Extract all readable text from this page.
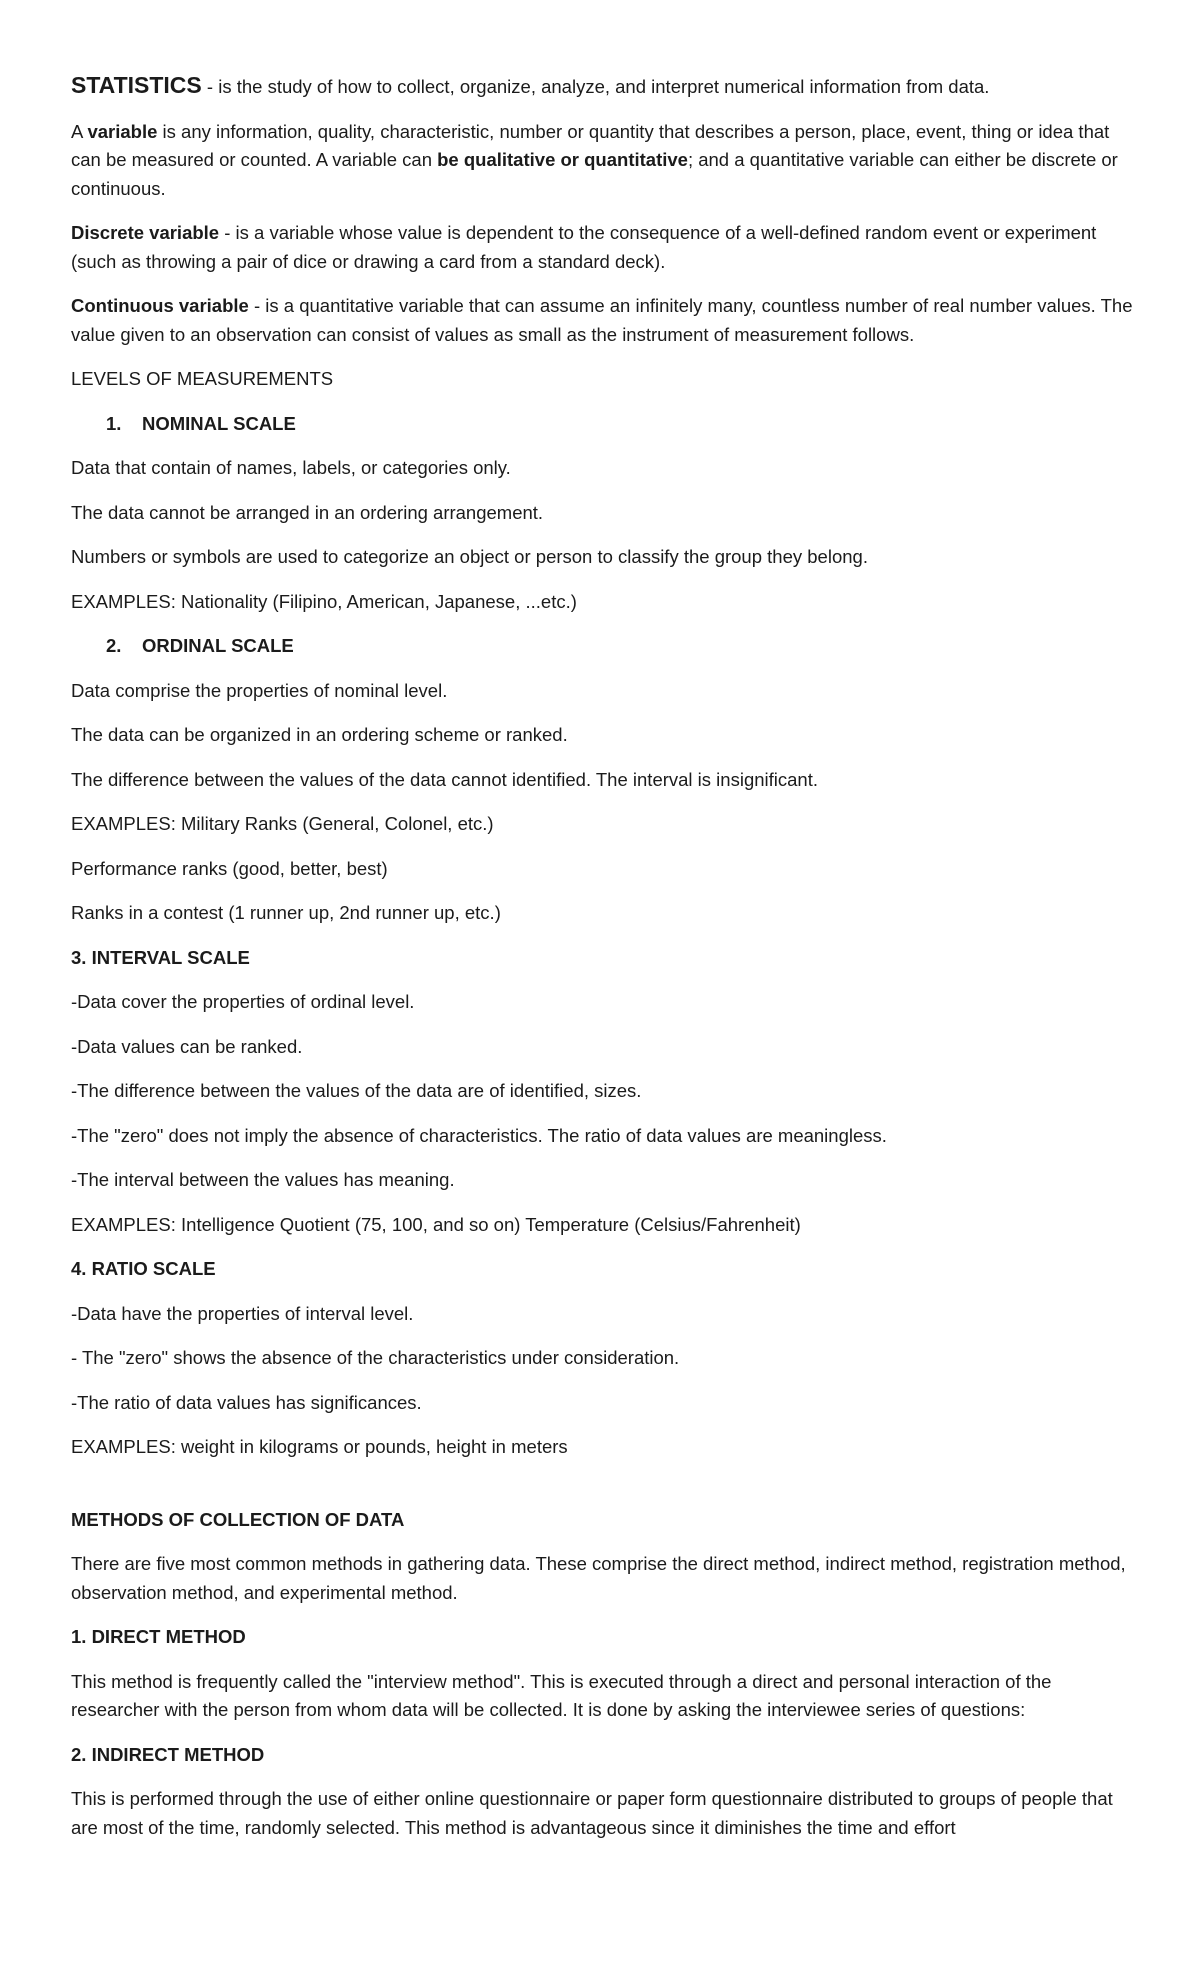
STATISTICS - is the study of how to collect, organize, analyze, and interpret numerical information from data.

A variable is any information, quality, characteristic, number or quantity that describes a person, place, event, thing or idea that can be measured or counted. A variable can be qualitative or quantitative; and a quantitative variable can either be discrete or continuous.

Discrete variable - is a variable whose value is dependent to the consequence of a well-defined random event or experiment (such as throwing a pair of dice or drawing a card from a standard deck).

Continuous variable - is a quantitative variable that can assume an infinitely many, countless number of real number values. The value given to an observation can consist of values as small as the instrument of measurement follows.

LEVELS OF MEASUREMENTS

1. NOMINAL SCALE

Data that contain of names, labels, or categories only.

The data cannot be arranged in an ordering arrangement.

Numbers or symbols are used to categorize an object or person to classify the group they belong.

EXAMPLES: Nationality (Filipino, American, Japanese, ...etc.)

2. ORDINAL SCALE

Data comprise the properties of nominal level.

The data can be organized in an ordering scheme or ranked.

The difference between the values of the data cannot identified. The interval is insignificant.

EXAMPLES: Military Ranks (General, Colonel, etc.)

Performance ranks (good, better, best)

Ranks in a contest (1 runner up, 2nd runner up, etc.)

3. INTERVAL SCALE

-Data cover the properties of ordinal level.

-Data values can be ranked.

-The difference between the values of the data are of identified, sizes.

-The "zero" does not imply the absence of characteristics. The ratio of data values are meaningless.

-The interval between the values has meaning.

EXAMPLES: Intelligence Quotient (75, 100, and so on) Temperature (Celsius/Fahrenheit)

4. RATIO SCALE

-Data have the properties of interval level.

- The "zero" shows the absence of the characteristics under consideration.

-The ratio of data values has significances.

EXAMPLES: weight in kilograms or pounds, height in meters

METHODS OF COLLECTION OF DATA

There are five most common methods in gathering data. These comprise the direct method, indirect method, registration method, observation method, and experimental method.

1. DIRECT METHOD

This method is frequently called the "interview method". This is executed through a direct and personal interaction of the researcher with the person from whom data will be collected. It is done by asking the interviewee series of questions:

2. INDIRECT METHOD

This is performed through the use of either online questionnaire or paper form questionnaire distributed to groups of people that are most of the time, randomly selected. This method is advantageous since it diminishes the time and effort
